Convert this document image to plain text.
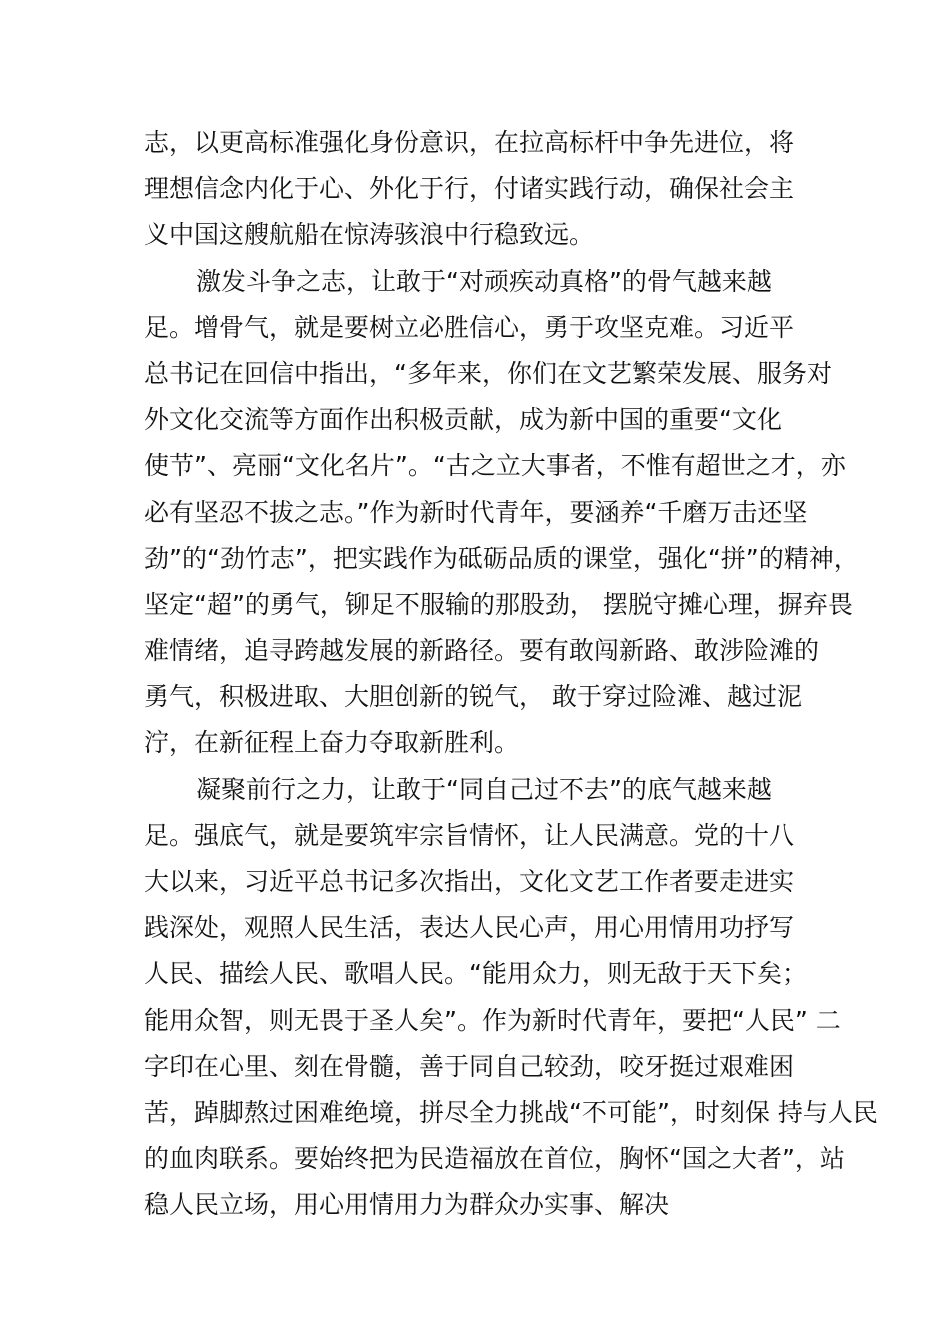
志，以更高标准强化身份意识，在拉高标杆中争先进位，将
理想信念内化于心、外化于行，付诸实践行动，确保社会主
义中国这艘航船在惊涛骇浪中行稳致远。
激发斗争之志，让敢于“对顽疾动真格”的骨气越来越
足。增骨气，就是要树立必胜信心，勇于攻坚克难。习近平
总书记在回信中指出，“多年来，你们在文艺繁荣发展、服务对
外文化交流等方面作出积极贡献，成为新中国的重要“文化
使节”、亮丽“文化名片”。“古之立大事者，不惟有超世之才，亦
必有坚忍不拔之志。”作为新时代青年，要涵养“千磨万击还坚
劲”的“劲竹志”，把实践作为砥砺品质的课堂，强化“拼”的精神，
坚定“超”的勇气，铆足不服输的那股劲， 摆脱守摊心理，摒弃畏
难情绪，追寻跨越发展的新路径。要有敢闯新路、敢涉险滩的
勇气，积极进取、大胆创新的锐气， 敢于穿过险滩、越过泥
泞，在新征程上奋力夺取新胜利。
凝聚前行之力，让敢于“同自己过不去”的底气越来越
足。强底气，就是要筑牢宗旨情怀，让人民满意。党的十八
大以来，习近平总书记多次指出，文化文艺工作者要走进实
践深处，观照人民生活，表达人民心声，用心用情用功抒写
人民、描绘人民、歌唱人民。“能用众力，则无敌于天下矣；
能用众智，则无畏于圣人矣”。作为新时代青年，要把“人民” 二
字印在心里、刻在骨髓，善于同自己较劲，咬牙挺过艰难困
苦，踔脚熬过困难绝境，拼尽全力挑战“不可能”，时刻保 持与人民
的血肉联系。要始终把为民造福放在首位，胸怀“国之大者”，站
稳人民立场，用心用情用力为群众办实事、解决
